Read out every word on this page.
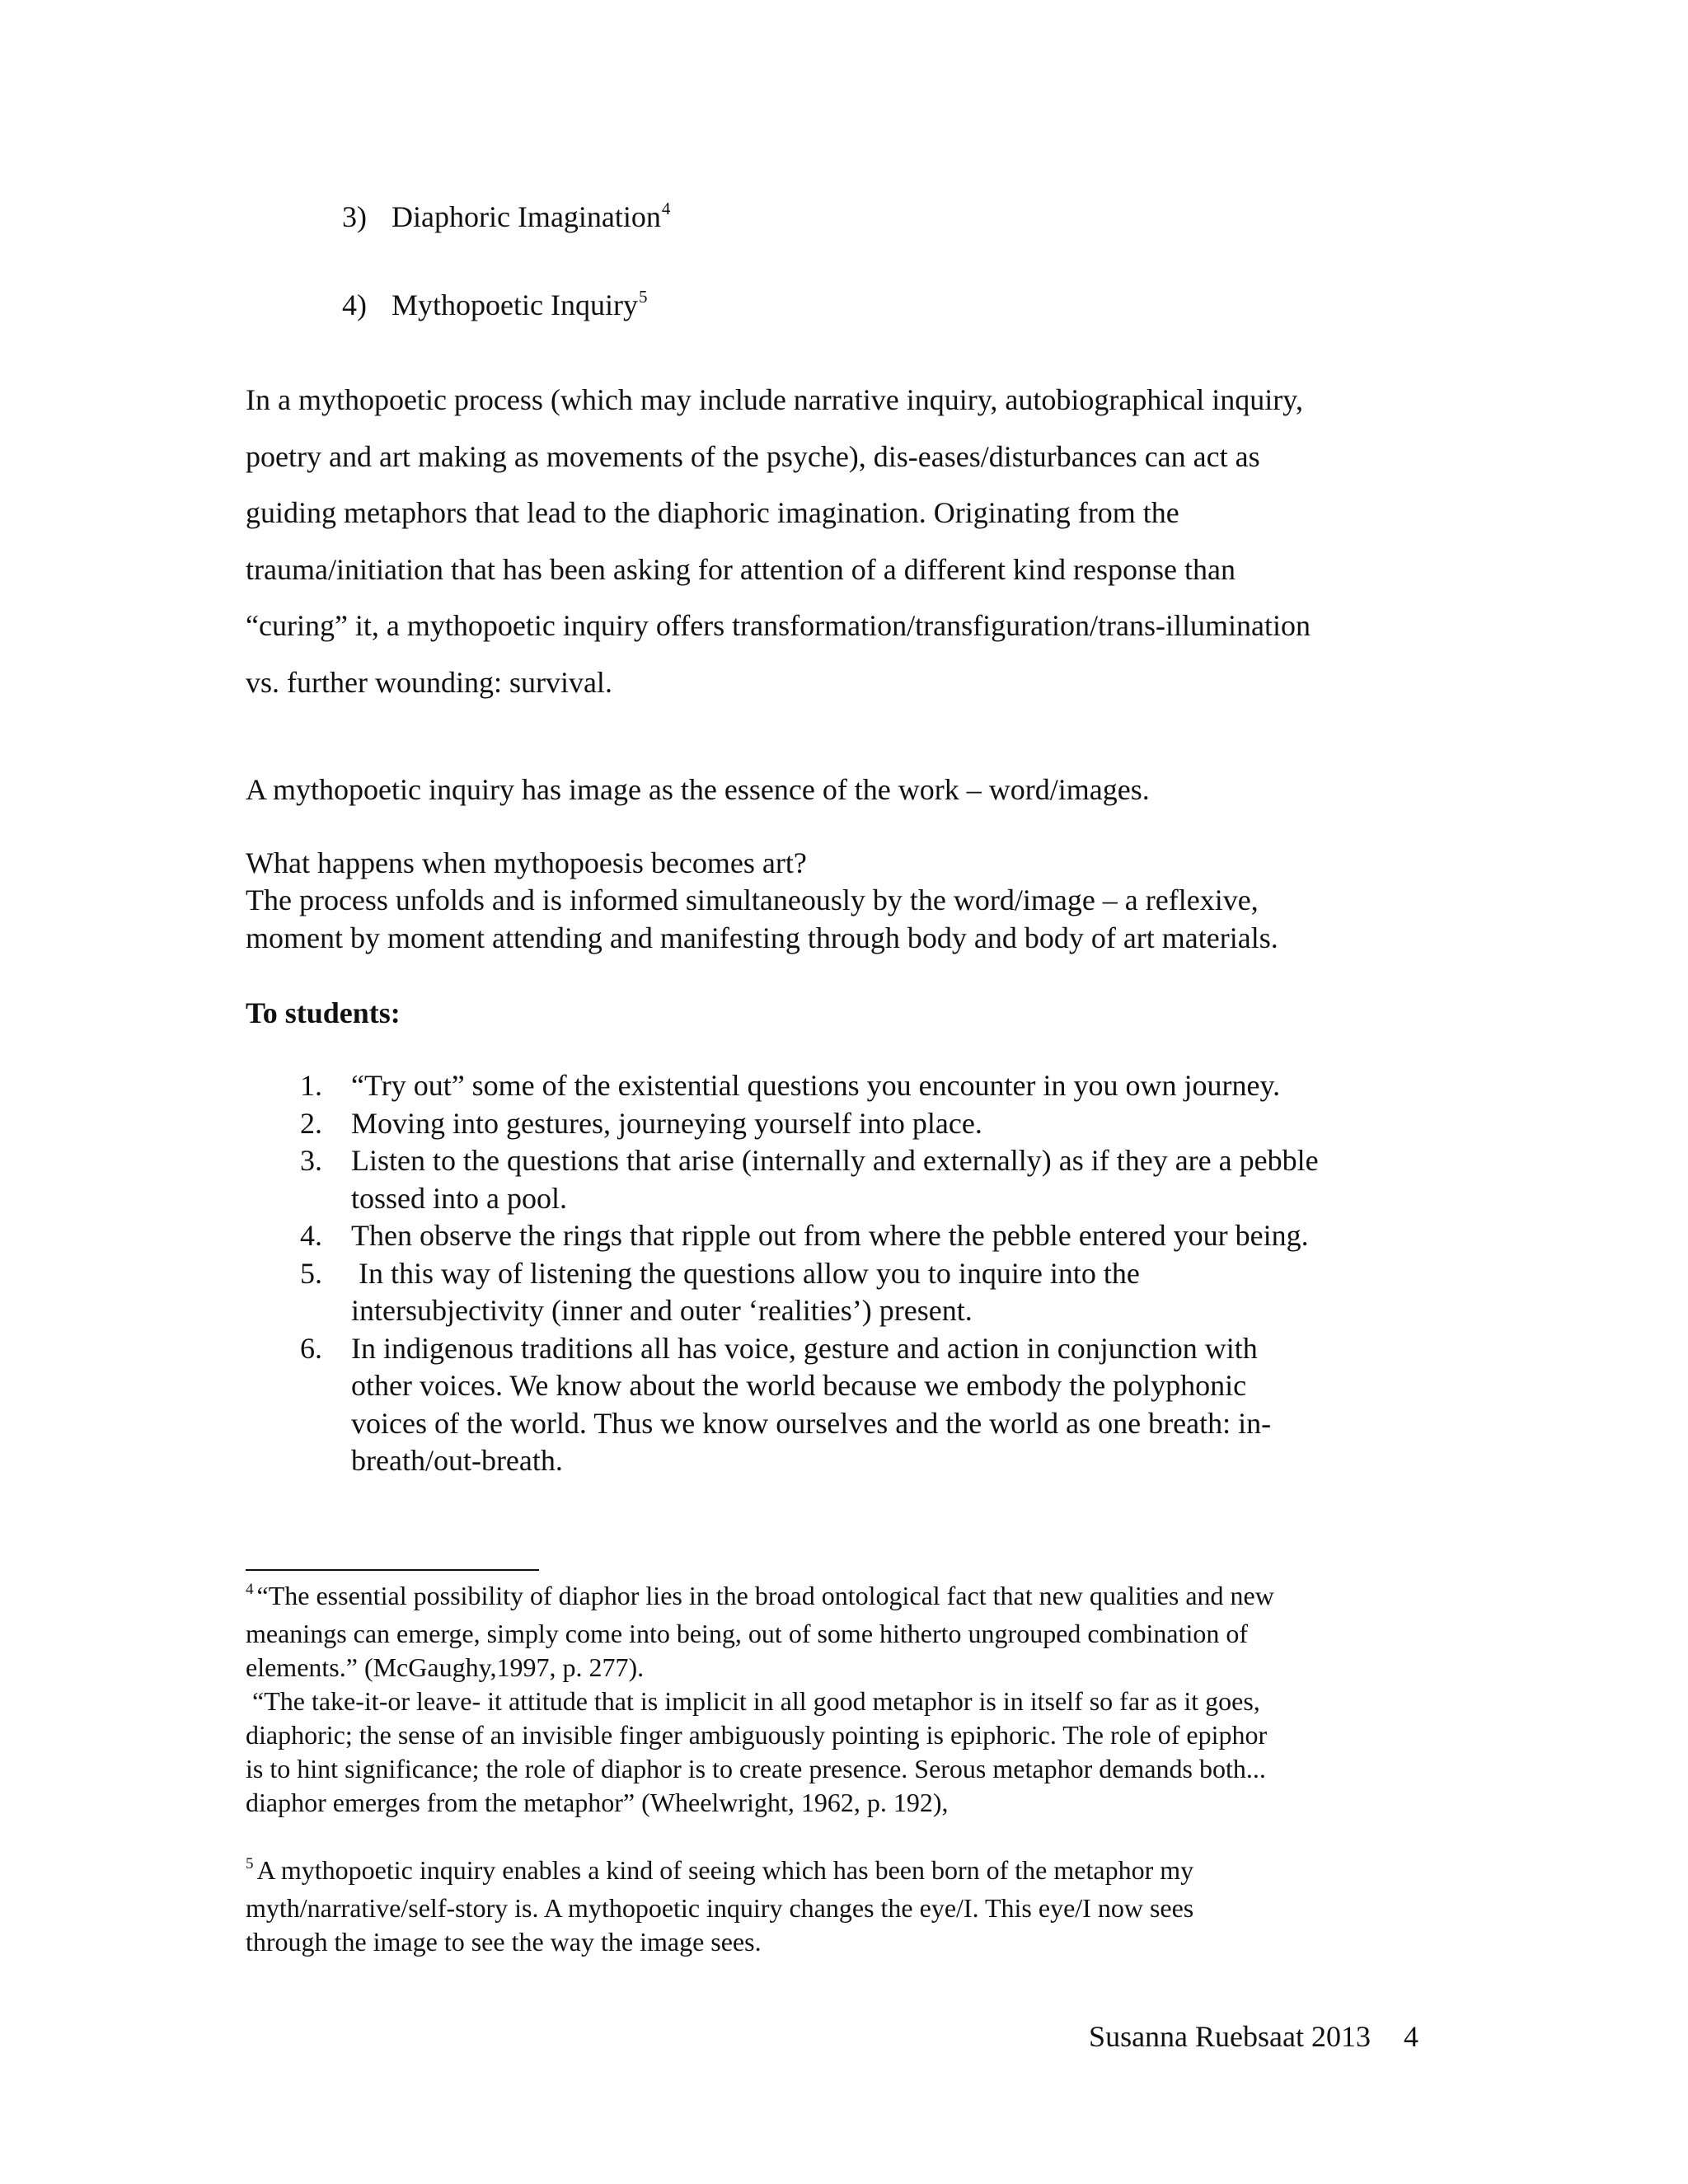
3) Diaphoric Imagination$^4$
4) Mythopoetic Inquiry$^5$
In a mythopoetic process (which may include narrative inquiry, autobiographical inquiry,
poetry and art making as movements of the psyche), dis-eases/disturbances can act as
guiding metaphors that lead to the diaphoric imagination. Originating from the
trauma/initiation that has been asking for attention of a different kind response than
“curing” it, a mythopoetic inquiry offers transformation/transfiguration/trans-illumination
vs. further wounding: survival.
A mythopoetic inquiry has image as the essence of the work – word/images.
What happens when mythopoesis becomes art?
The process unfolds and is informed simultaneously by the word/image – a reflexive,
moment by moment attending and manifesting through body and body of art materials.
To students:
1. “Try out” some of the existential questions you encounter in you own journey.
2. Moving into gestures, journeying yourself into place.
3. Listen to the questions that arise (internally and externally) as if they are a pebble
tossed into a pool.
4. Then observe the rings that ripple out from where the pebble entered your being.
5. In this way of listening the questions allow you to inquire into the
intersubjectivity (inner and outer ‘realities’) present.
6. In indigenous traditions all has voice, gesture and action in conjunction with
other voices. We know about the world because we embody the polyphonic
voices of the world. Thus we know ourselves and the world as one breath: in-
breath/out-breath.
$^4$ “The essential possibility of diaphor lies in the broad ontological fact that new qualities and new
meanings can emerge, simply come into being, out of some hitherto ungrouped combination of
elements.” (McGaughy,1997, p. 277).
“The take-it-or leave- it attitude that is implicit in all good metaphor is in itself so far as it goes,
diaphoric; the sense of an invisible finger ambiguously pointing is epiphoric. The role of epiphor
is to hint significance; the role of diaphor is to create presence. Serous metaphor demands both...
diaphor emerges from the metaphor” (Wheelwright, 1962, p. 192),
$^5$ A mythopoetic inquiry enables a kind of seeing which has been born of the metaphor my
myth/narrative/self-story is. A mythopoetic inquiry changes the eye/I. This eye/I now sees
through the image to see the way the image sees.
Susanna Ruebsaat 2013 4
